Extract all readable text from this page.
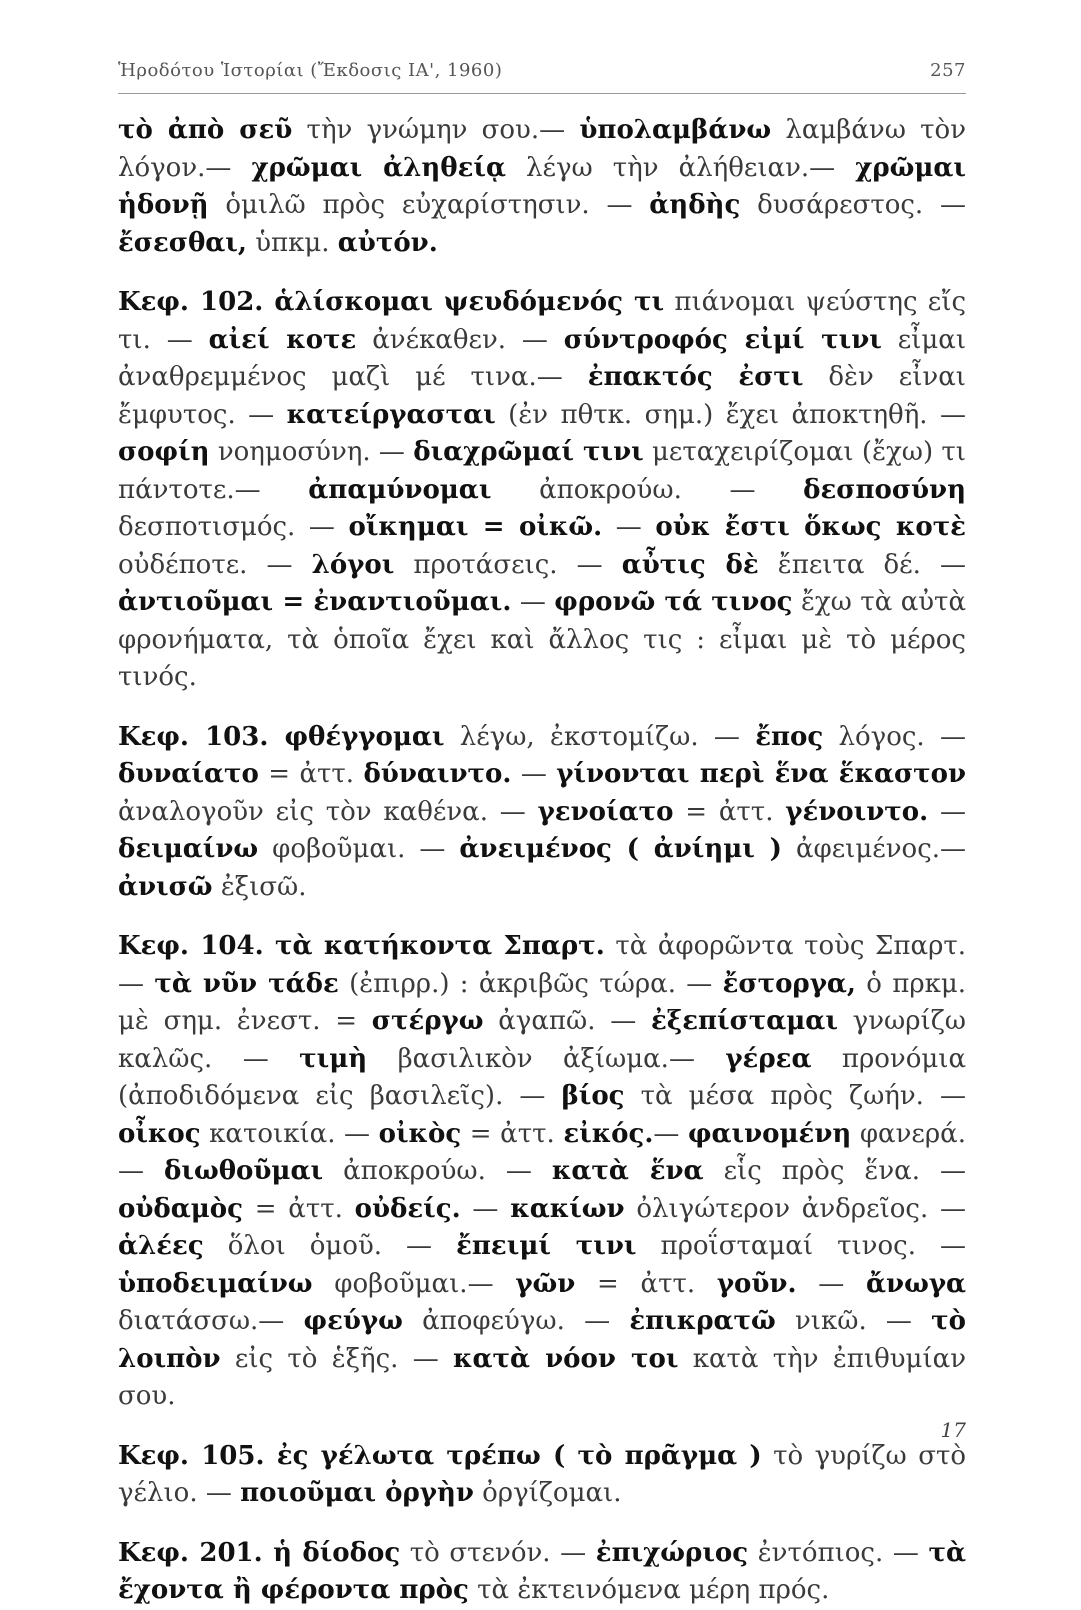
Ἡροδότου Ἱστορίαι (Ἔκδοσις ΙΑ', 1960)	257

τὸ ἀπὸ σεῦ τὴν γνώμην σου.— ὑπολαμβάνω λαμβάνω τὸν λόγον.— χρῶμαι ἀληθείᾳ λέγω τὴν ἀλήθειαν.— χρῶμαι ἡδονῇ ὁμιλῶ πρὸς εὐχαρίστησιν. — ἀηδὴς δυσάρεστος. — ἔσεσθαι, ὑπκμ. αὐτόν.

Κεφ. 102. ἁλίσκομαι ψευδόμενός τι πιάνομαι ψεύστης εἴς τι. — αἰεί κοτε ἀνέκαθεν. — σύντροφός εἰμί τινι εἶμαι ἀναθρεμμένος μαζὶ μέ τινα.— ἐπακτός ἐστι δὲν εἶναι ἔμφυτος. — κατείργασται (ἐν πθτκ. σημ.) ἔχει ἀποκτηθῆ. — σοφίη νοημοσύνη. — διαχρῶμαί τινι μεταχειρίζομαι (ἔχω) τι πάντοτε.— ἀπαμύνομαι ἀποκρούω. — δεσποσύνη δεσποτισμός. — οἴκημαι = οἰκῶ. — οὐκ ἔστι ὅκως κοτὲ οὐδέποτε. — λόγοι προτάσεις. — αὖτις δὲ ἔπειτα δέ. — ἀντιοῦμαι = ἐναντιοῦμαι. — φρονῶ τά τινος ἔχω τὰ αὐτὰ φρονήματα, τὰ ὁποῖα ἔχει καὶ ἄλλος τις : εἶμαι μὲ τὸ μέρος τινός.

Κεφ. 103. φθέγγομαι λέγω, ἐκστομίζω. — ἔπος λόγος. — δυναίατο = ἀττ. δύναιντο. — γίνονται περὶ ἕνα ἕκαστον ἀναλογοῦν εἰς τὸν καθένα. — γενοίατο = ἀττ. γένοιντο. — δειμαίνω φοβοῦμαι. — ἀνειμένος ( ἀνίημι ) ἀφειμένος.— ἀνισῶ ἐξισῶ.

Κεφ. 104. τὰ κατήκοντα Σπαρτ. τὰ ἀφορῶντα τοὺς Σπαρτ.— τὰ νῦν τάδε (ἐπιρρ.) : ἀκριβῶς τώρα. — ἔστοργα, ὁ πρκμ. μὲ σημ. ἐνεστ. = στέργω ἀγαπῶ. — ἐξεπίσταμαι γνωρίζω καλῶς. — τιμὴ βασιλικὸν ἀξίωμα.— γέρεα προνόμια (ἀποδιδόμενα εἰς βασιλεῖς). — βίος τὰ μέσα πρὸς ζωήν. — οἶκος κατοικία. — οἰκὸς = ἀττ. εἰκός.— φαινομένη φανερά. — διωθοῦμαι ἀποκρούω. — κατὰ ἕνα εἷς πρὸς ἕνα. — οὐδαμὸς = ἀττ. οὐδείς. — κακίων ὀλιγώτερον ἀνδρεῖος. — ἁλέες ὅλοι ὁμοῦ. — ἔπειμί τινι προΐσταμαί τινος. — ὑποδειμαίνω φοβοῦμαι.— γῶν = ἀττ. γοῦν. — ἄνωγα διατάσσω.— φεύγω ἀποφεύγω. — ἐπικρατῶ νικῶ. — τὸ λοιπὸν εἰς τὸ ἑξῆς. — κατὰ νόον τοι κατὰ τὴν ἐπιθυμίαν σου.

Κεφ. 105. ἐς γέλωτα τρέπω ( τὸ πρᾶγμα ) τὸ γυρίζω στὸ γέλιο. — ποιοῦμαι ὀργὴν ὀργίζομαι.

Κεφ. 201. ἡ δίοδος τὸ στενόν. — ἐπιχώριος ἐντόπιος. — τὰ ἔχοντα ἢ φέροντα πρὸς τὰ ἐκτεινόμενα μέρη πρός.

17
